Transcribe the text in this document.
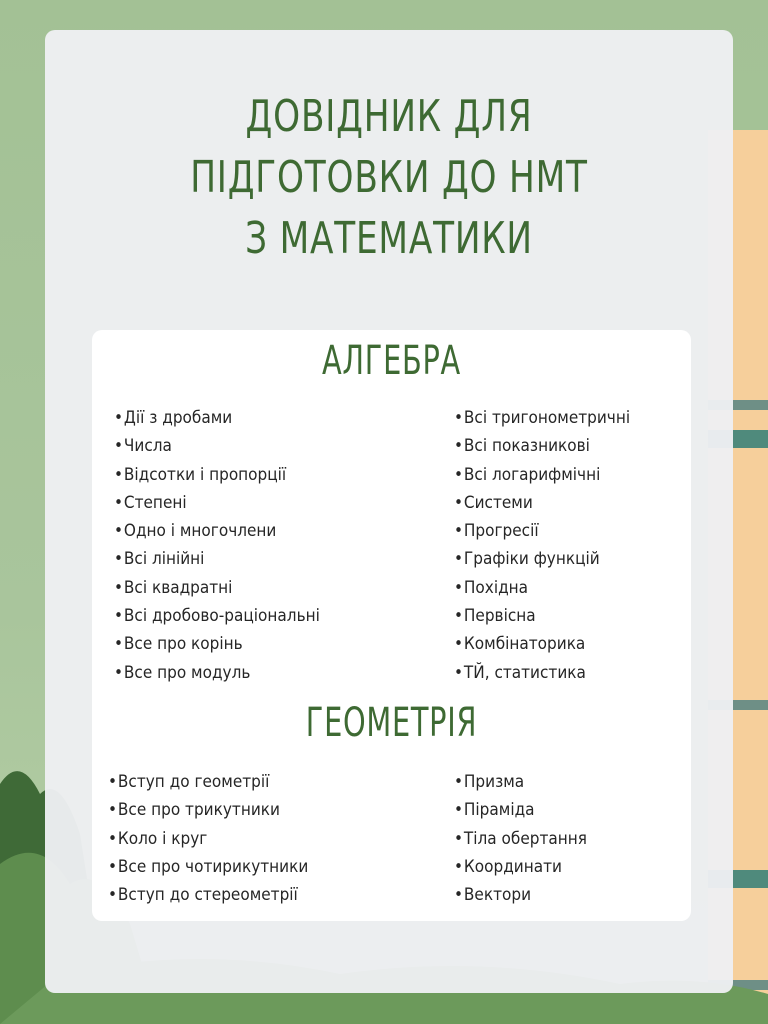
ДОВІДНИК ДЛЯ
ПІДГОТОВКИ ДО НМТ
З МАТЕМАТИКИ
АЛГЕБРА
• Дії з дробами
• Числа
• Відсотки і пропорції
• Степені
• Одно і многочлени
• Всі лінійні
• Всі квадратні
• Всі дробово-раціональні
• Все про корінь
• Все про модуль
• Всі тригонометричні
• Всі показникові
• Всі логарифмічні
• Системи
• Прогресії
• Графіки функцій
• Похідна
• Первісна
• Комбінаторика
• ТЙ, статистика
ГЕОМЕТРІЯ
• Вступ до геометрії
• Все про трикутники
• Коло і круг
• Все про чотирикутники
• Вступ до стереометрії
• Призма
• Піраміда
• Тіла обертання
• Координати
• Вектори
